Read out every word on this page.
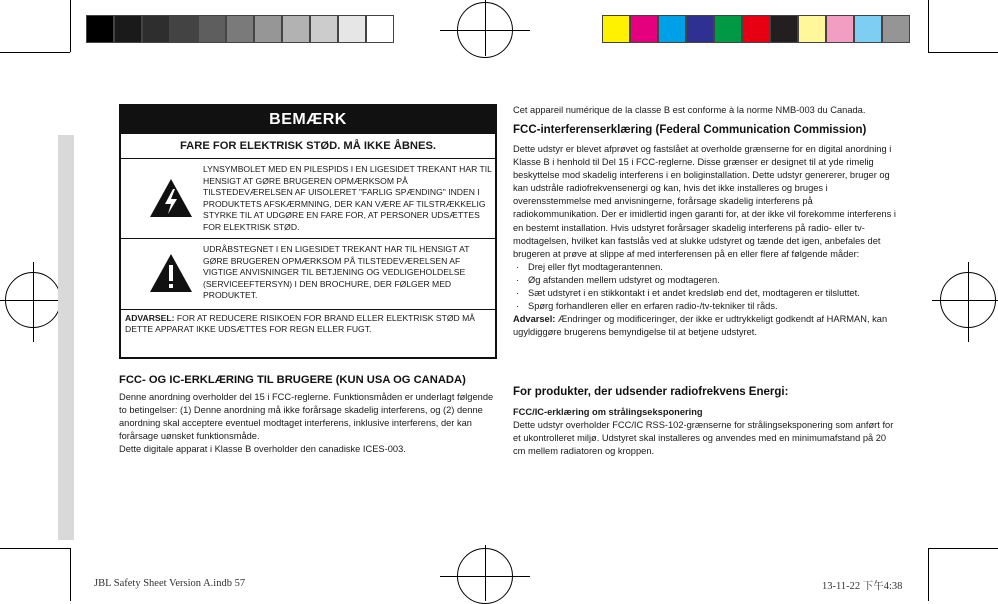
BEMÆRK
FARE FOR ELEKTRISK STØD. MÅ IKKE ÅBNES.
LYNSYMBOLET MED EN PILESPIDS I EN LIGESIDET TREKANT HAR TIL HENSIGT AT GØRE BRUGEREN OPMÆRKSOM PÅ TILSTEDEVÆRELSEN AF UISOLERET "FARLIG SPÆNDING" INDEN I PRODUKTETS AFSKÆRMNING, DER KAN VÆRE AF TILSTRÆKKELIG STYRKE TIL AT UDGØRE EN FARE FOR, AT PERSONER UDSÆTTES FOR ELEKTRISK STØD.
UDRÅBSTEGNET I EN LIGESIDET TREKANT HAR TIL HENSIGT AT GØRE BRUGEREN OPMÆRKSOM PÅ TILSTEDEVÆRELSEN AF VIGTIGE ANVISNINGER TIL BETJENING OG VEDLIGEHOLDELSE (SERVICEEFTERSYN) I DEN BROCHURE, DER FØLGER MED PRODUKTET.
ADVARSEL: FOR AT REDUCERE RISIKOEN FOR BRAND ELLER ELEKTRISK STØD MÅ DETTE APPARAT IKKE UDSÆTTES FOR REGN ELLER FUGT.
FCC- OG IC-ERKLÆRING TIL BRUGERE (KUN USA OG CANADA)

Denne anordning overholder del 15 i FCC-reglerne. Funktionsmåden er underlagt følgende to betingelser: (1) Denne anordning må ikke forårsage skadelig interferens, og (2) denne anordning skal acceptere eventuel modtaget interferens, inklusive interferens, der kan forårsage uønsket funktionsmåde.

Dette digitale apparat i Klasse B overholder den canadiske ICES-003.

Cet appareil numérique de la classe B est conforme à la norme NMB-003 du Canada.
FCC-interferenserklæring (Federal Communication Commission)

Dette udstyr er blevet afprøvet og fastslået at overholde grænserne for en digital anordning i Klasse B i henhold til Del 15 i FCC-reglerne. Disse grænser er designet til at yde rimelig beskyttelse mod skadelig interferens i en boliginstallation. Dette udstyr genererer, bruger og kan udstråle radiofrekvensenergi og kan, hvis det ikke installeres og bruges i overensstemmelse med anvisningerne, forårsage skadelig interferens på radiokommunikation. Der er imidlertid ingen garanti for, at der ikke vil forekomme interferens i en bestemt installation. Hvis udstyret forårsager skadelig interferens på radio- eller tv-modtagelsen, hvilket kan fastslås ved at slukke udstyret og tænde det igen, anbefales det brugeren at prøve at slippe af med interferensen på en eller flere af følgende måder:

· Drej eller flyt modtagerantennen.
· Øg afstanden mellem udstyret og modtageren.
· Sæt udstyret i en stikkontakt i et andet kredsløb end det, modtageren er tilsluttet.
· Spørg forhandleren eller en erfaren radio-/tv-tekniker til råds.

Advarsel: Ændringer og modificeringer, der ikke er udtrykkeligt godkendt af HARMAN, kan ugyldiggøre brugerens bemyndigelse til at betjene udstyret.

For produkter, der udsender radiofrekvens Energi:

FCC/IC-erklæring om strålingseksponering

Dette udstyr overholder FCC/IC RSS-102-grænserne for strålingseksponering som anført for et ukontrolleret miljø. Udstyret skal installeres og anvendes med en minimumafstand på 20 cm mellem radiatoren og kroppen.

JBL Safety Sheet Version A.indb 57	13-11-22 下午4:38
